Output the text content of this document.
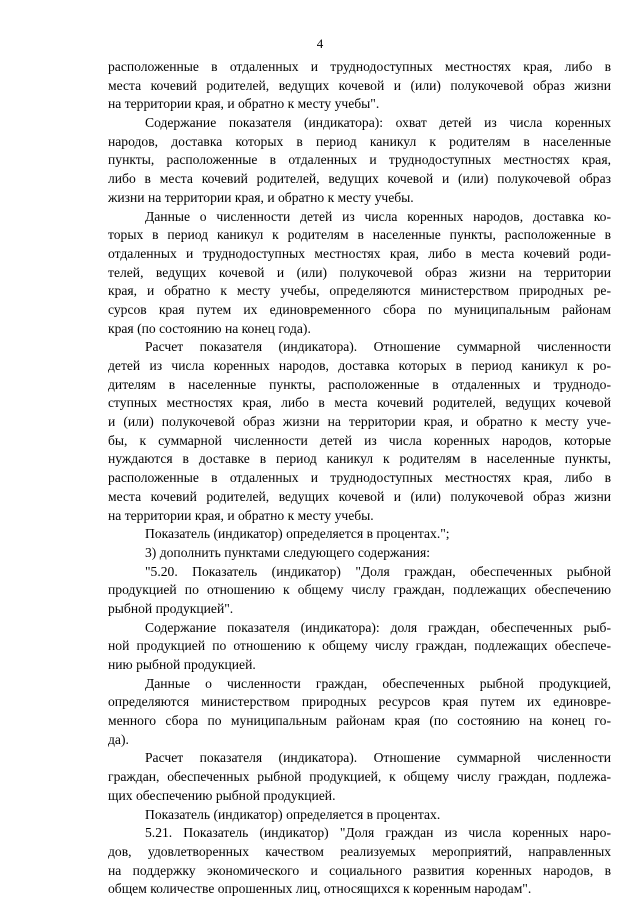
4
расположенные в отдаленных и труднодоступных местностях края, либо в
места кочевий родителей, ведущих кочевой и (или) полукочевой образ жизни
на территории края, и обратно к месту учебы".
Содержание показателя (индикатора): охват детей из числа коренных
народов, доставка которых в период каникул к родителям в населенные
пункты, расположенные в отдаленных и труднодоступных местностях края,
либо в места кочевий родителей, ведущих кочевой и (или) полукочевой образ
жизни на территории края, и обратно к месту учебы.
Данные о численности детей из числа коренных народов, доставка ко-
торых в период каникул к родителям в населенные пункты, расположенные в
отдаленных и труднодоступных местностях края, либо в места кочевий роди-
телей, ведущих кочевой и (или) полукочевой образ жизни на территории
края, и обратно к месту учебы, определяются министерством природных ре-
сурсов края путем их единовременного сбора по муниципальным районам
края (по состоянию на конец года).
Расчет показателя (индикатора). Отношение суммарной численности
детей из числа коренных народов, доставка которых в период каникул к ро-
дителям в населенные пункты, расположенные в отдаленных и труднодо-
ступных местностях края, либо в места кочевий родителей, ведущих кочевой
и (или) полукочевой образ жизни на территории края, и обратно к месту уче-
бы, к суммарной численности детей из числа коренных народов, которые
нуждаются в доставке в период каникул к родителям в населенные пункты,
расположенные в отдаленных и труднодоступных местностях края, либо в
места кочевий родителей, ведущих кочевой и (или) полукочевой образ жизни
на территории края, и обратно к месту учебы.
Показатель (индикатор) определяется в процентах.";
3) дополнить пунктами следующего содержания:
"5.20. Показатель (индикатор) "Доля граждан, обеспеченных рыбной
продукцией по отношению к общему числу граждан, подлежащих обеспечению
рыбной продукцией".
Содержание показателя (индикатора): доля граждан, обеспеченных рыб-
ной продукцией по отношению к общему числу граждан, подлежащих обеспече-
нию рыбной продукцией.
Данные о численности граждан, обеспеченных рыбной продукцией,
определяются министерством природных ресурсов края путем их единовре-
менного сбора по муниципальным районам края (по состоянию на конец го-
да).
Расчет показателя (индикатора). Отношение суммарной численности
граждан, обеспеченных рыбной продукцией, к общему числу граждан, подлежа-
щих обеспечению рыбной продукцией.
Показатель (индикатор) определяется в процентах.
5.21. Показатель (индикатор) "Доля граждан из числа коренных наро-
дов, удовлетворенных качеством реализуемых мероприятий, направленных
на поддержку экономического и социального развития коренных народов, в
общем количестве опрошенных лиц, относящихся к коренным народам".
